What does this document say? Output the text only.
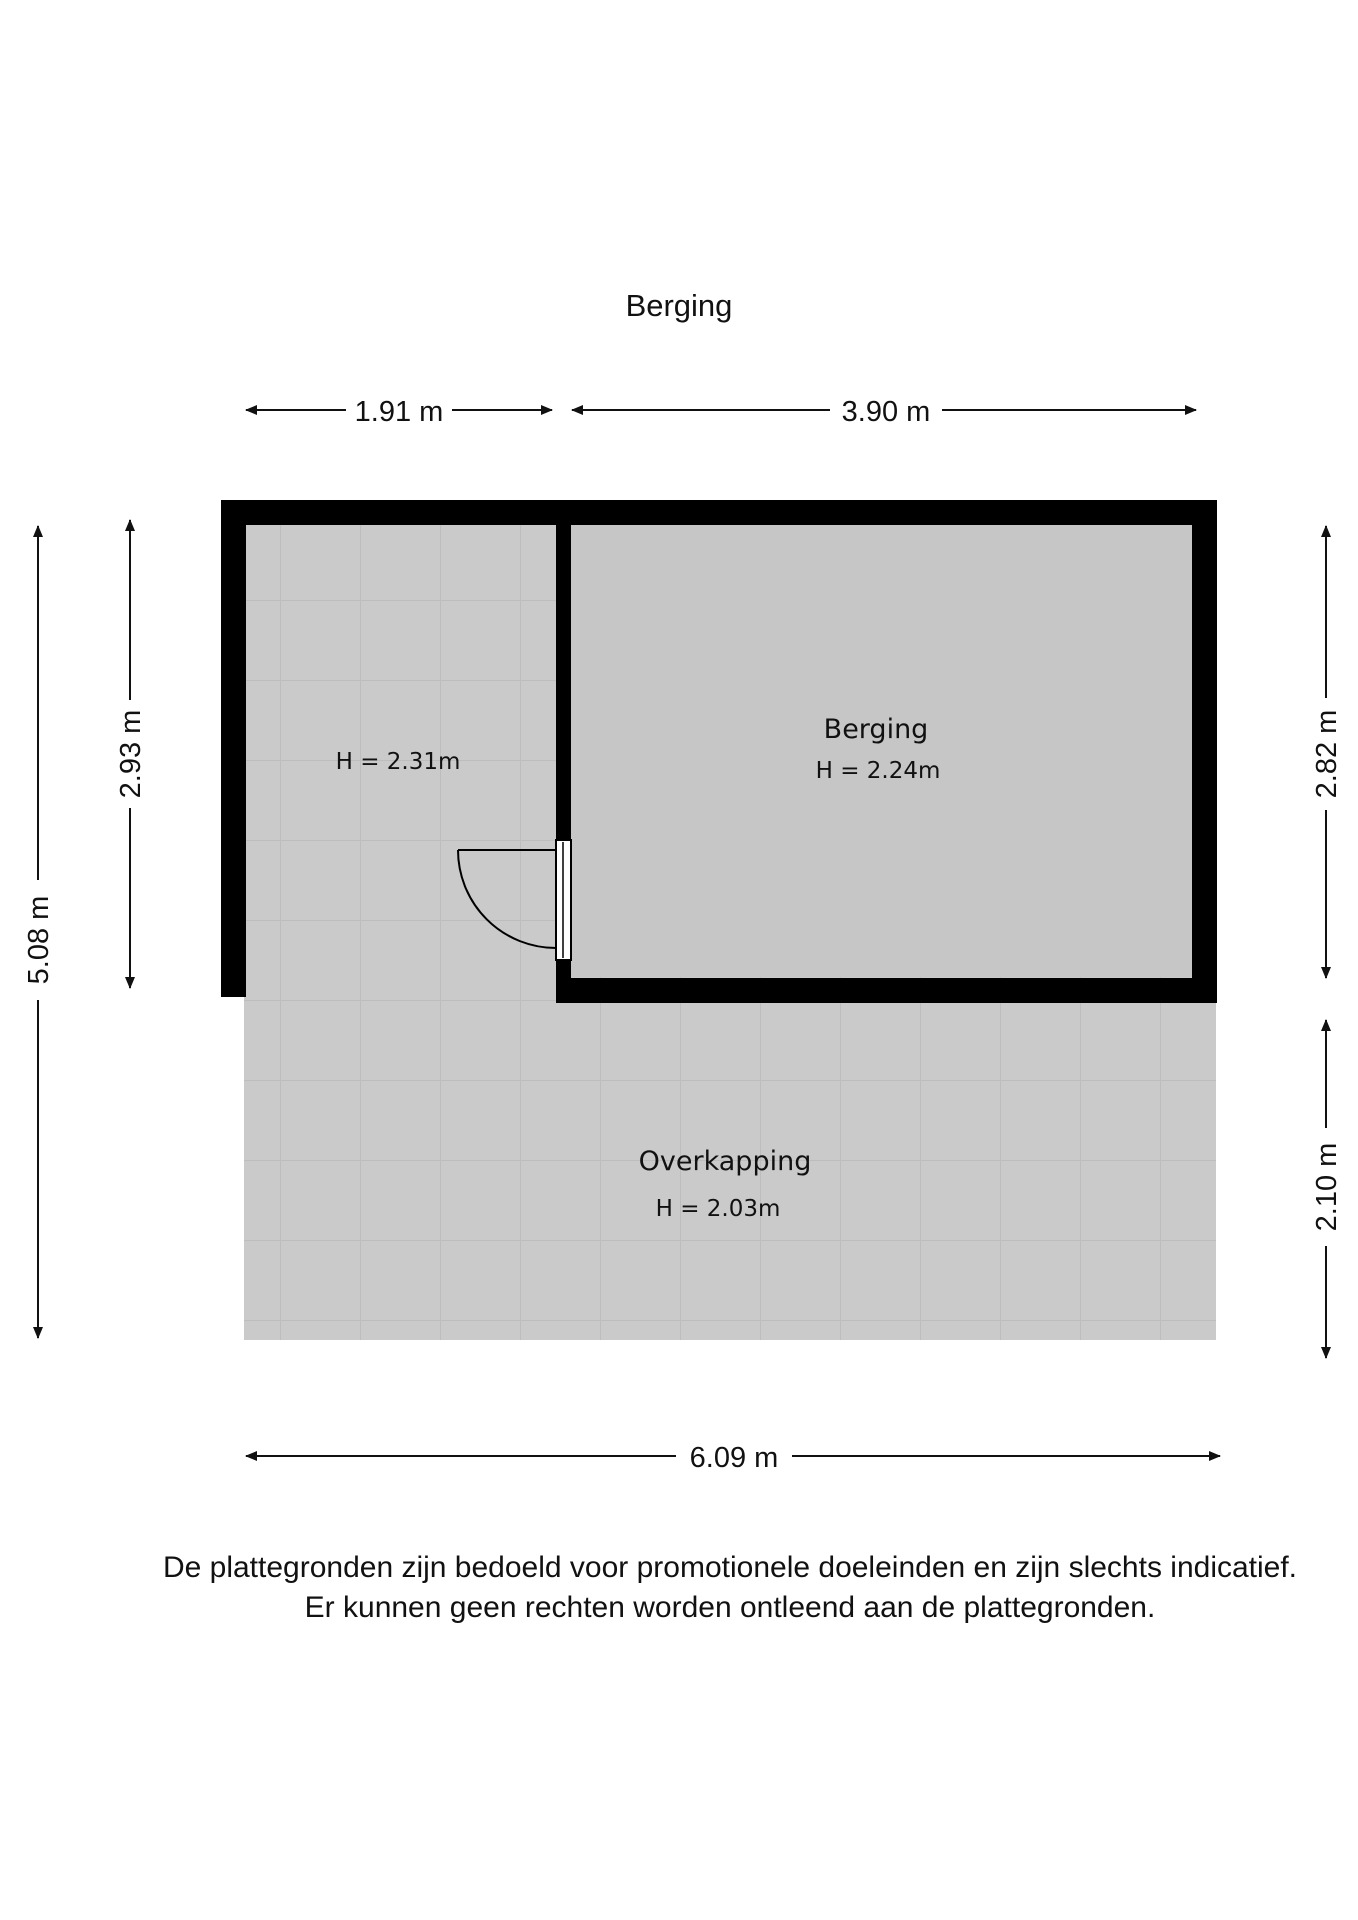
Berging
1.91 m	3.90 m
6.09 m
5.08 m
2.93 m	2.82 m
2.10 m
H = 2.31m
Berging
H = 2.24m
Overkapping
H = 2.03m
De plattegronden zijn bedoeld voor promotionele doeleinden en zijn slechts indicatief.
Er kunnen geen rechten worden ontleend aan de plattegronden.
